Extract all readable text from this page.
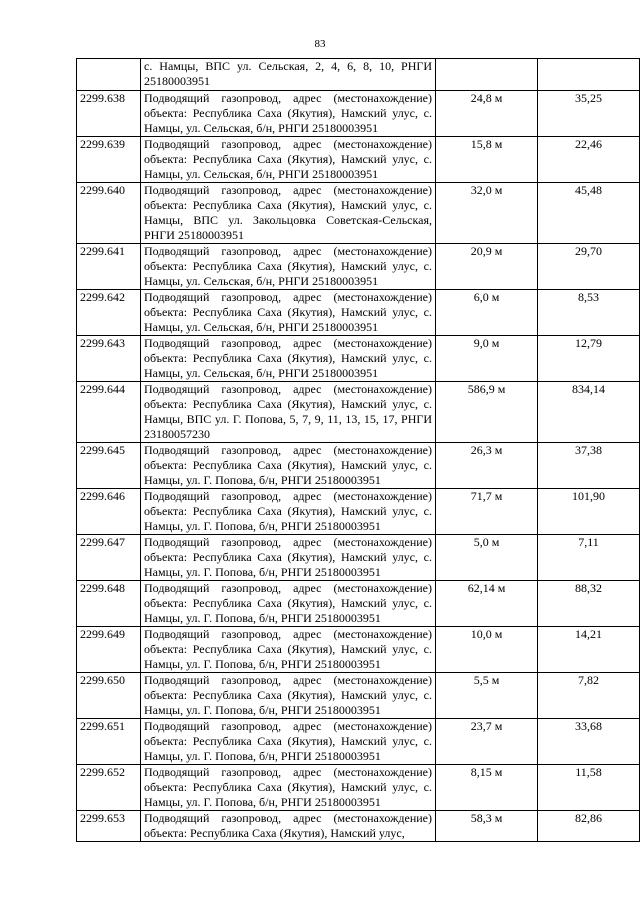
83
	с. Намцы, ВПС ул. Сельская, 2, 4, 6, 8, 10, РНГИ 25180003951		
2299.638	Подводящий газопровод, адрес (местонахождение) объекта: Республика Саха (Якутия), Намский улус, с. Намцы, ул. Сельская, б/н, РНГИ 25180003951	24,8 м	35,25
2299.639	Подводящий газопровод, адрес (местонахождение) объекта: Республика Саха (Якутия), Намский улус, с. Намцы, ул. Сельская, б/н, РНГИ 25180003951	15,8 м	22,46
2299.640	Подводящий газопровод, адрес (местонахождение) объекта: Республика Саха (Якутия), Намский улус, с. Намцы, ВПС ул. Закольцовка Советская-Сельская, РНГИ 25180003951	32,0 м	45,48
2299.641	Подводящий газопровод, адрес (местонахождение) объекта: Республика Саха (Якутия), Намский улус, с. Намцы, ул. Сельская, б/н, РНГИ 25180003951	20,9 м	29,70
2299.642	Подводящий газопровод, адрес (местонахождение) объекта: Республика Саха (Якутия), Намский улус, с. Намцы, ул. Сельская, б/н, РНГИ 25180003951	6,0 м	8,53
2299.643	Подводящий газопровод, адрес (местонахождение) объекта: Республика Саха (Якутия), Намский улус, с. Намцы, ул. Сельская, б/н, РНГИ 25180003951	9,0 м	12,79
2299.644	Подводящий газопровод, адрес (местонахождение) объекта: Республика Саха (Якутия), Намский улус, с. Намцы, ВПС ул. Г. Попова, 5, 7, 9, 11, 13, 15, 17, РНГИ 23180057230	586,9 м	834,14
2299.645	Подводящий газопровод, адрес (местонахождение) объекта: Республика Саха (Якутия), Намский улус, с. Намцы, ул. Г. Попова, б/н, РНГИ 25180003951	26,3 м	37,38
2299.646	Подводящий газопровод, адрес (местонахождение) объекта: Республика Саха (Якутия), Намский улус, с. Намцы, ул. Г. Попова, б/н, РНГИ 25180003951	71,7 м	101,90
2299.647	Подводящий газопровод, адрес (местонахождение) объекта: Республика Саха (Якутия), Намский улус, с. Намцы, ул. Г. Попова, б/н, РНГИ 25180003951	5,0 м	7,11
2299.648	Подводящий газопровод, адрес (местонахождение) объекта: Республика Саха (Якутия), Намский улус, с. Намцы, ул. Г. Попова, б/н, РНГИ 25180003951	62,14 м	88,32
2299.649	Подводящий газопровод, адрес (местонахождение) объекта: Республика Саха (Якутия), Намский улус, с. Намцы, ул. Г. Попова, б/н, РНГИ 25180003951	10,0 м	14,21
2299.650	Подводящий газопровод, адрес (местонахождение) объекта: Республика Саха (Якутия), Намский улус, с. Намцы, ул. Г. Попова, б/н, РНГИ 25180003951	5,5 м	7,82
2299.651	Подводящий газопровод, адрес (местонахождение) объекта: Республика Саха (Якутия), Намский улус, с. Намцы, ул. Г. Попова, б/н, РНГИ 25180003951	23,7 м	33,68
2299.652	Подводящий газопровод, адрес (местонахождение) объекта: Республика Саха (Якутия), Намский улус, с. Намцы, ул. Г. Попова, б/н, РНГИ 25180003951	8,15 м	11,58
2299.653	Подводящий газопровод, адрес (местонахождение) объекта: Республика Саха (Якутия), Намский улус,	58,3 м	82,86
